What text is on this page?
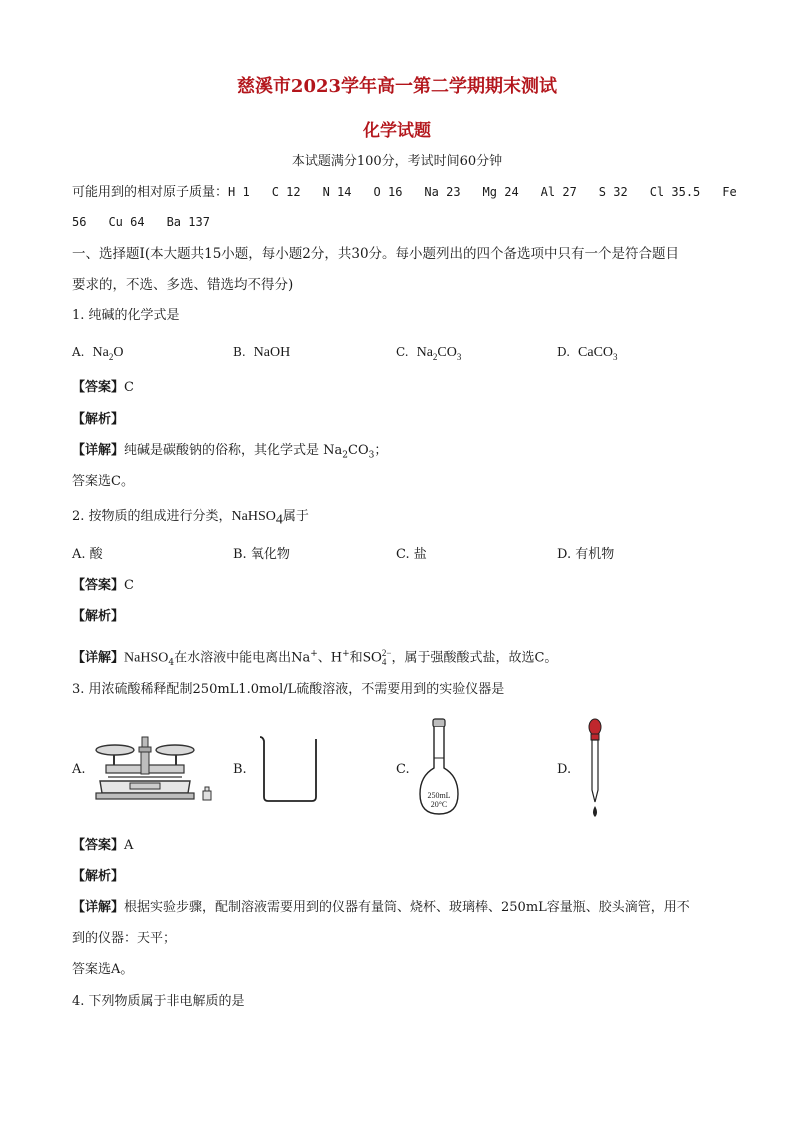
慈溪市2023学年高一第二学期期末测试
化学试题
本试题满分100分，考试时间60分钟
可能用到的相对原子质量：H 1 C 12 N 14 O 16 Na 23 Mg 24 Al 27 S 32 Cl 35.5 Fe
56 Cu 64 Ba 137
一、选择题Ⅰ(本大题共15小题，每小题2分，共30分。每小题列出的四个备选项中只有一个是符合题目
要求的，不选、多选、错选均不得分)
1. 纯碱的化学式是
A. $Na_2O$	B. NaOH	C. $Na_2CO_3$	D. CaCO$_3$
【答案】C
【解析】
【详解】纯碱是碳酸钠的俗称，其化学式是 $Na_2CO_3$；
答案选C。
2. 按物质的组成进行分类，NaHSO$_4$属于
A. 酸	B. 氧化物	C. 盐	D. 有机物
【答案】C
【解析】
【详解】NaHSO$_4$在水溶液中能电离出Na+、H+和SO 2−
4 ，属于强酸酸式盐，故选C。
3. 用浓硫酸稀释配制250mL1.0mol/L硫酸溶液，不需要用到的实验仪器是
A.	B.	C.	D.
250mL
20°C
【答案】A
【解析】
【详解】根据实验步骤，配制溶液需要用到的仪器有量筒、烧杯、玻璃棒、250mL容量瓶、胶头滴管，用不
到的仪器：天平；
答案选A。
4. 下列物质属于非电解质的是
